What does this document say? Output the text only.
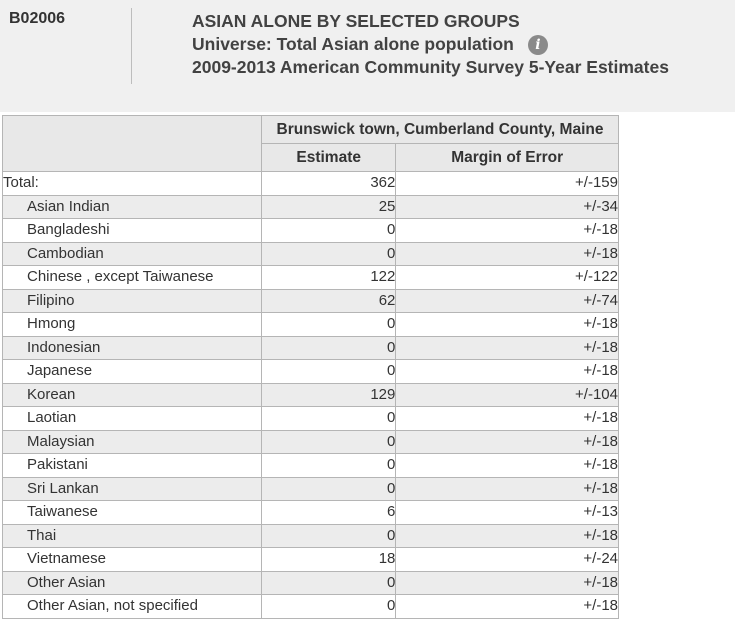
B02006	ASIAN ALONE BY SELECTED GROUPS
Universe: Total Asian alone population i
2009-2013 American Community Survey 5-Year Estimates
	Brunswick town, Cumberland County, Maine	
	Estimate	Margin of Error
Total:	362	+/-159
Asian Indian	25	+/-34
Bangladeshi	0	+/-18
Cambodian	0	+/-18
Chinese , except Taiwanese	122	+/-122
Filipino	62	+/-74
Hmong	0	+/-18
Indonesian	0	+/-18
Japanese	0	+/-18
Korean	129	+/-104
Laotian	0	+/-18
Malaysian	0	+/-18
Pakistani	0	+/-18
Sri Lankan	0	+/-18
Taiwanese	6	+/-13
Thai	0	+/-18
Vietnamese	18	+/-24
Other Asian	0	+/-18
Other Asian, not specified	0	+/-18
